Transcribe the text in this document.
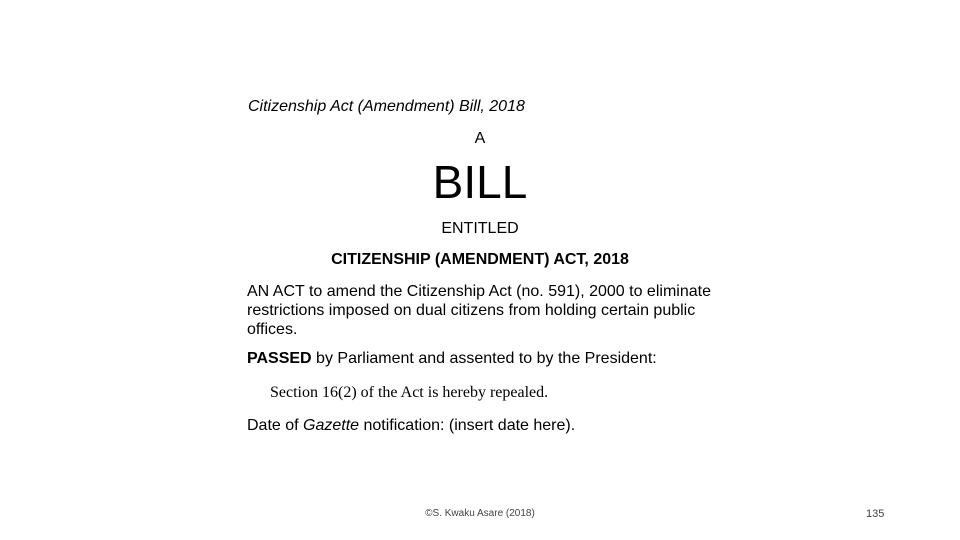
Citizenship Act (Amendment) Bill, 2018
A
BILL
ENTITLED
CITIZENSHIP (AMENDMENT) ACT, 2018
AN ACT to amend the Citizenship Act (no. 591), 2000 to eliminate restrictions imposed on dual citizens from holding certain public offices.
PASSED by Parliament and assented to by the President:
Section 16(2) of the Act is hereby repealed.
Date of Gazette notification: (insert date here).
©S. Kwaku Asare (2018)	135
